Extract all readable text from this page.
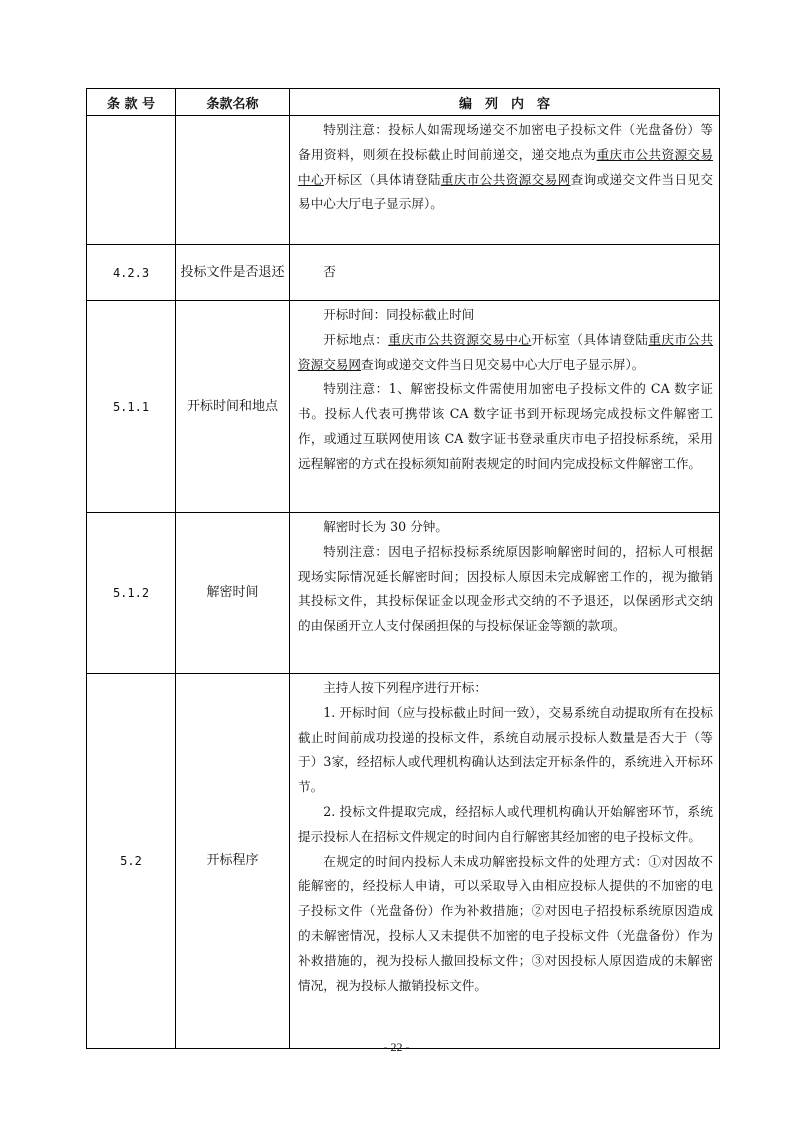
条 款 号	条款名称	编　列　内　容

		特别注意：投标人如需现场递交不加密电子投标文件（光盘备份）等备用资料，则须在投标截止时间前递交，递交地点为重庆市公共资源交易中心开标区（具体请登陆重庆市公共资源交易网查询或递交文件当日见交易中心大厅电子显示屏）。

4.2.3	投标文件是否退还	否

5.1.1	开标时间和地点	开标时间：同投标截止时间

开标地点：重庆市公共资源交易中心开标室（具体请登陆重庆市公共资源交易网查询或递交文件当日见交易中心大厅电子显示屏）。

特别注意：1、解密投标文件需使用加密电子投标文件的 CA 数字证书。投标人代表可携带该 CA 数字证书到开标现场完成投标文件解密工作，或通过互联网使用该 CA 数字证书登录重庆市电子招投标系统，采用远程解密的方式在投标须知前附表规定的时间内完成投标文件解密工作。

5.1.2	解密时间	解密时长为 30 分钟。

特别注意：因电子招标投标系统原因影响解密时间的，招标人可根据现场实际情况延长解密时间；因投标人原因未完成解密工作的，视为撤销其投标文件，其投标保证金以现金形式交纳的不予退还，以保函形式交纳的由保函开立人支付保函担保的与投标保证金等额的款项。

5.2	开标程序	主持人按下列程序进行开标：

1. 开标时间（应与投标截止时间一致），交易系统自动提取所有在投标截止时间前成功投递的投标文件，系统自动展示投标人数量是否大于（等于）3家，经招标人或代理机构确认达到法定开标条件的，系统进入开标环节。

2. 投标文件提取完成，经招标人或代理机构确认开始解密环节，系统提示投标人在招标文件规定的时间内自行解密其经加密的电子投标文件。

在规定的时间内投标人未成功解密投标文件的处理方式：①对因故不能解密的，经投标人申请，可以采取导入由相应投标人提供的不加密的电子投标文件（光盘备份）作为补救措施；②对因电子招投标系统原因造成的未解密情况，投标人又未提供不加密的电子投标文件（光盘备份）作为补救措施的，视为投标人撤回投标文件；③对因投标人原因造成的未解密情况，视为投标人撤销投标文件。

- 22 -
